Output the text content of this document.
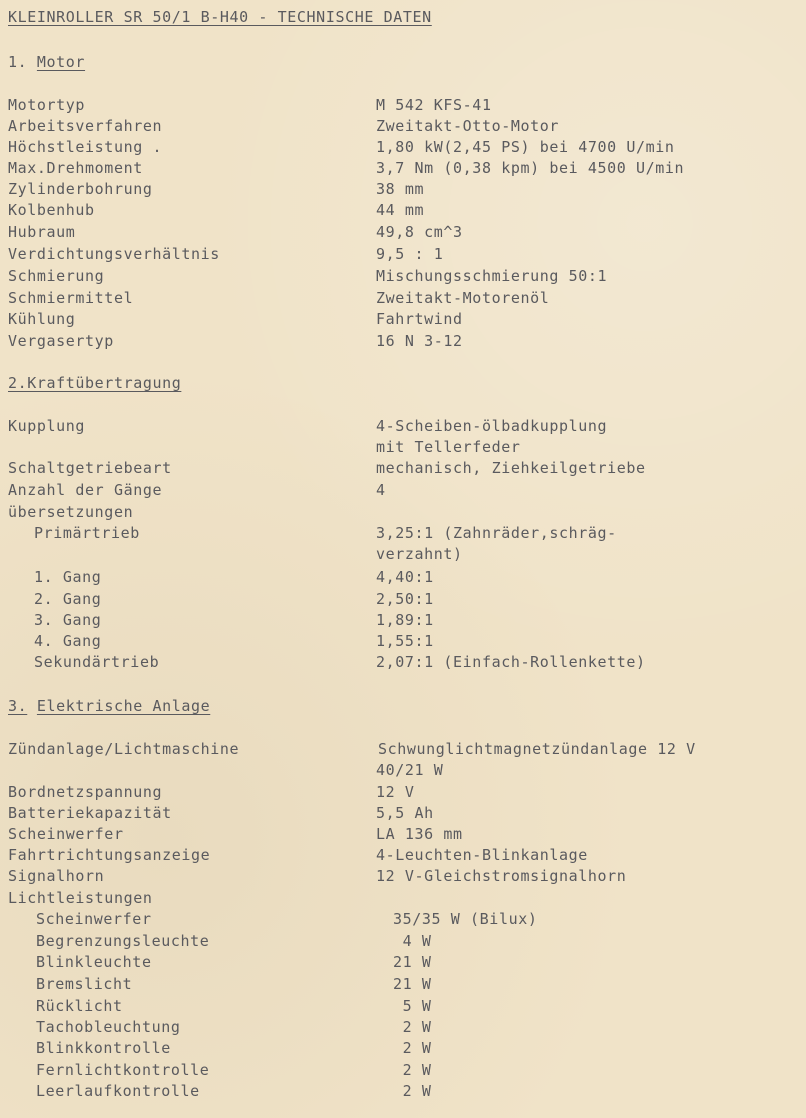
KLEINROLLER SR 50/1 B-H40 - TECHNISCHE DATEN
1. Motor
Motortyp	M 542 KFS-41
Arbeitsverfahren	Zweitakt-Otto-Motor
Höchstleistung .	1,80 kW(2,45 PS) bei 4700 U/min
Max.Drehmoment	3,7 Nm (0,38 kpm) bei 4500 U/min
Zylinderbohrung	38 mm
Kolbenhub	44 mm
Hubraum	49,8 cm^3
Verdichtungsverhältnis	9,5 : 1
Schmierung	Mischungsschmierung 50:1
Schmiermittel	Zweitakt-Motorenöl
Kühlung	Fahrtwind
Vergasertyp	16 N 3-12
2.Kraftübertragung
Kupplung	4-Scheiben-ölbadkupplung
mit Tellerfeder
Schaltgetriebeart	mechanisch, Ziehkeilgetriebe
Anzahl der Gänge	4
übersetzungen
Primärtrieb	3,25:1 (Zahnräder,schräg-
verzahnt)
1. Gang	4,40:1
2. Gang	2,50:1
3. Gang	1,89:1
4. Gang	1,55:1
Sekundärtrieb	2,07:1 (Einfach-Rollenkette)
3. Elektrische Anlage
Zündanlage/Lichtmaschine	Schwunglichtmagnetzündanlage 12 V
40/21 W
Bordnetzspannung	12 V
Batteriekapazität	5,5 Ah
Scheinwerfer	LA 136 mm
Fahrtrichtungsanzeige	4-Leuchten-Blinkanlage
Signalhorn	12 V-Gleichstromsignalhorn
Lichtleistungen
Scheinwerfer	35/35 W (Bilux)
Begrenzungsleuchte	4 W
Blinkleuchte	21 W
Bremslicht	21 W
Rücklicht	5 W
Tachobleuchtung	2 W
Blinkkontrolle	2 W
Fernlichtkontrolle	2 W
Leerlaufkontrolle	2 W
